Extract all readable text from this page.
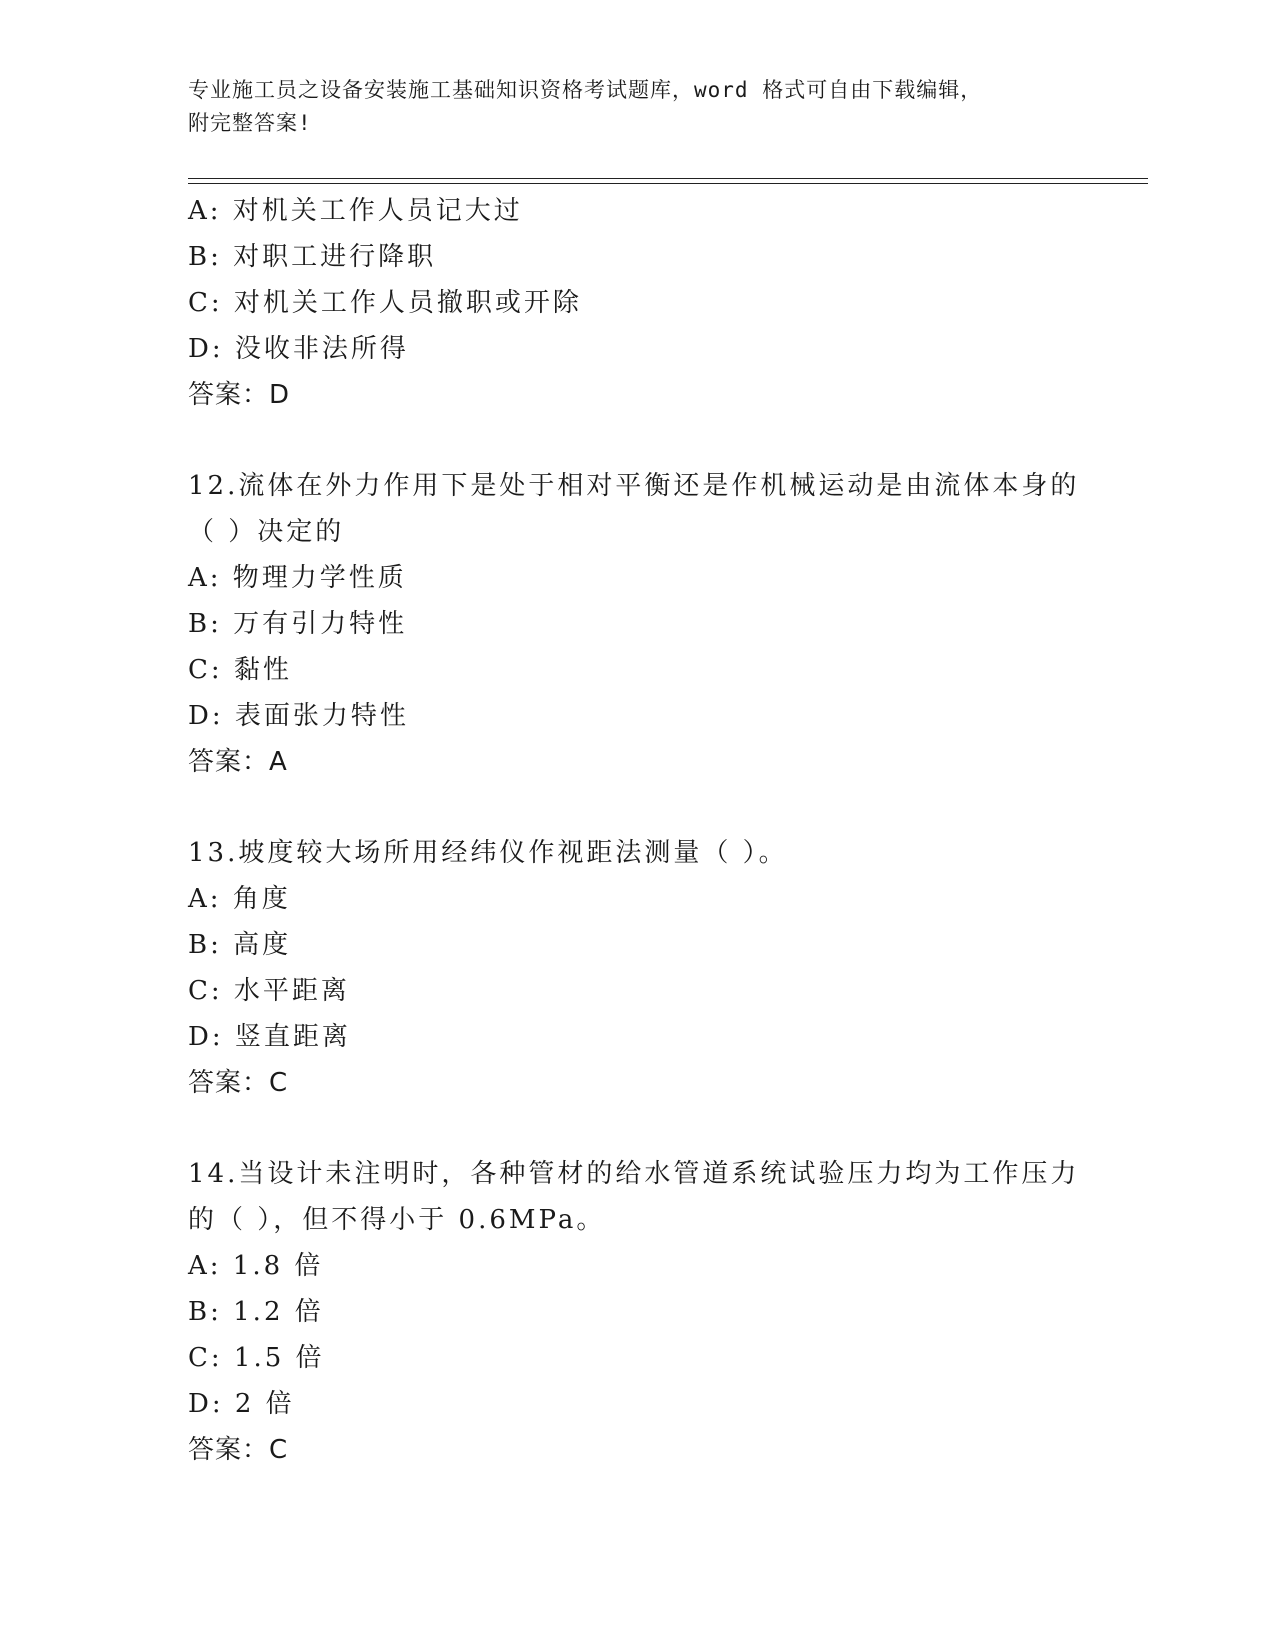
专业施工员之设备安装施工基础知识资格考试题库，word 格式可自由下载编辑，
附完整答案!
A: 对机关工作人员记大过
B: 对职工进行降职
C: 对机关工作人员撤职或开除
D: 没收非法所得
答案：D
12.流体在外力作用下是处于相对平衡还是作机械运动是由流体本身的
（ ）决定的
A: 物理力学性质
B: 万有引力特性
C: 黏性
D: 表面张力特性
答案：A
13.坡度较大场所用经纬仪作视距法测量（ ）。
A: 角度
B: 高度
C: 水平距离
D: 竖直距离
答案：C
14.当设计未注明时，各种管材的给水管道系统试验压力均为工作压力
的（ ），但不得小于 0.6MPa。
A: 1.8 倍
B: 1.2 倍
C: 1.5 倍
D: 2 倍
答案：C
